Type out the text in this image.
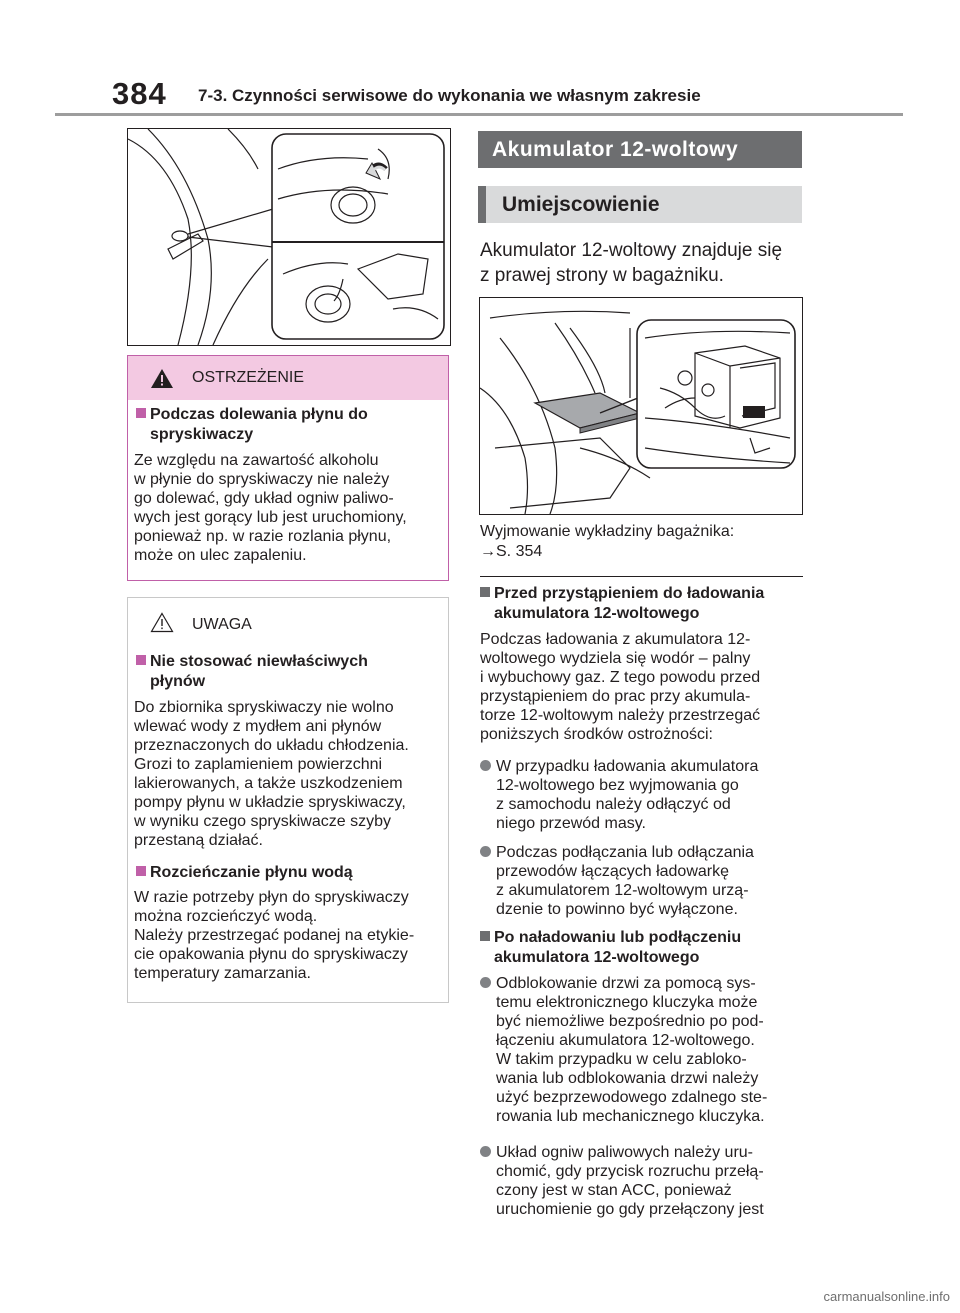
384 7-3. Czynności serwisowe do wykonania we własnym zakresie
OSTRZEŻENIE
Podczas dolewania płynu do
spryskiwaczy
Ze względu na zawartość alkoholu
w płynie do spryskiwaczy nie należy
go dolewać, gdy układ ogniw paliwo-
wych jest gorący lub jest uruchomiony,
ponieważ np. w razie rozlania płynu,
może on ulec zapaleniu.
UWAGA
Nie stosować niewłaściwych
płynów
Do zbiornika spryskiwaczy nie wolno
wlewać wody z mydłem ani płynów
przeznaczonych do układu chłodzenia.
Grozi to zaplamieniem powierzchni
lakierowanych, a także uszkodzeniem
pompy płynu w układzie spryskiwaczy,
w wyniku czego spryskiwacze szyby
przestaną działać.
Rozcieńczanie płynu wodą
W razie potrzeby płyn do spryskiwaczy
można rozcieńczyć wodą.
Należy przestrzegać podanej na etykie-
cie opakowania płynu do spryskiwaczy
temperatury zamarzania.
Akumulator 12-woltowy
Umiejscowienie
Akumulator 12-woltowy znajduje się
z prawej strony w bagażniku.
Wyjmowanie wykładziny bagażnika:
→S. 354
Przed przystąpieniem do ładowania
akumulatora 12-woltowego
Podczas ładowania z akumulatora 12-
woltowego wydziela się wodór – palny
i wybuchowy gaz. Z tego powodu przed
przystąpieniem do prac przy akumula-
torze 12-woltowym należy przestrzegać
poniższych środków ostrożności:
W przypadku ładowania akumulatora
12-woltowego bez wyjmowania go
z samochodu należy odłączyć od
niego przewód masy.
Podczas podłączania lub odłączania
przewodów łączących ładowarkę
z akumulatorem 12-woltowym urzą-
dzenie to powinno być wyłączone.
Po naładowaniu lub podłączeniu
akumulatora 12-woltowego
Odblokowanie drzwi za pomocą sys-
temu elektronicznego kluczyka może
być niemożliwe bezpośrednio po pod-
łączeniu akumulatora 12-woltowego.
W takim przypadku w celu zabloko-
wania lub odblokowania drzwi należy
użyć bezprzewodowego zdalnego ste-
rowania lub mechanicznego kluczyka.
Układ ogniw paliwowych należy uru-
chomić, gdy przycisk rozruchu przełą-
czony jest w stan ACC, ponieważ
uruchomienie go gdy przełączony jest
carmanualsonline.info
